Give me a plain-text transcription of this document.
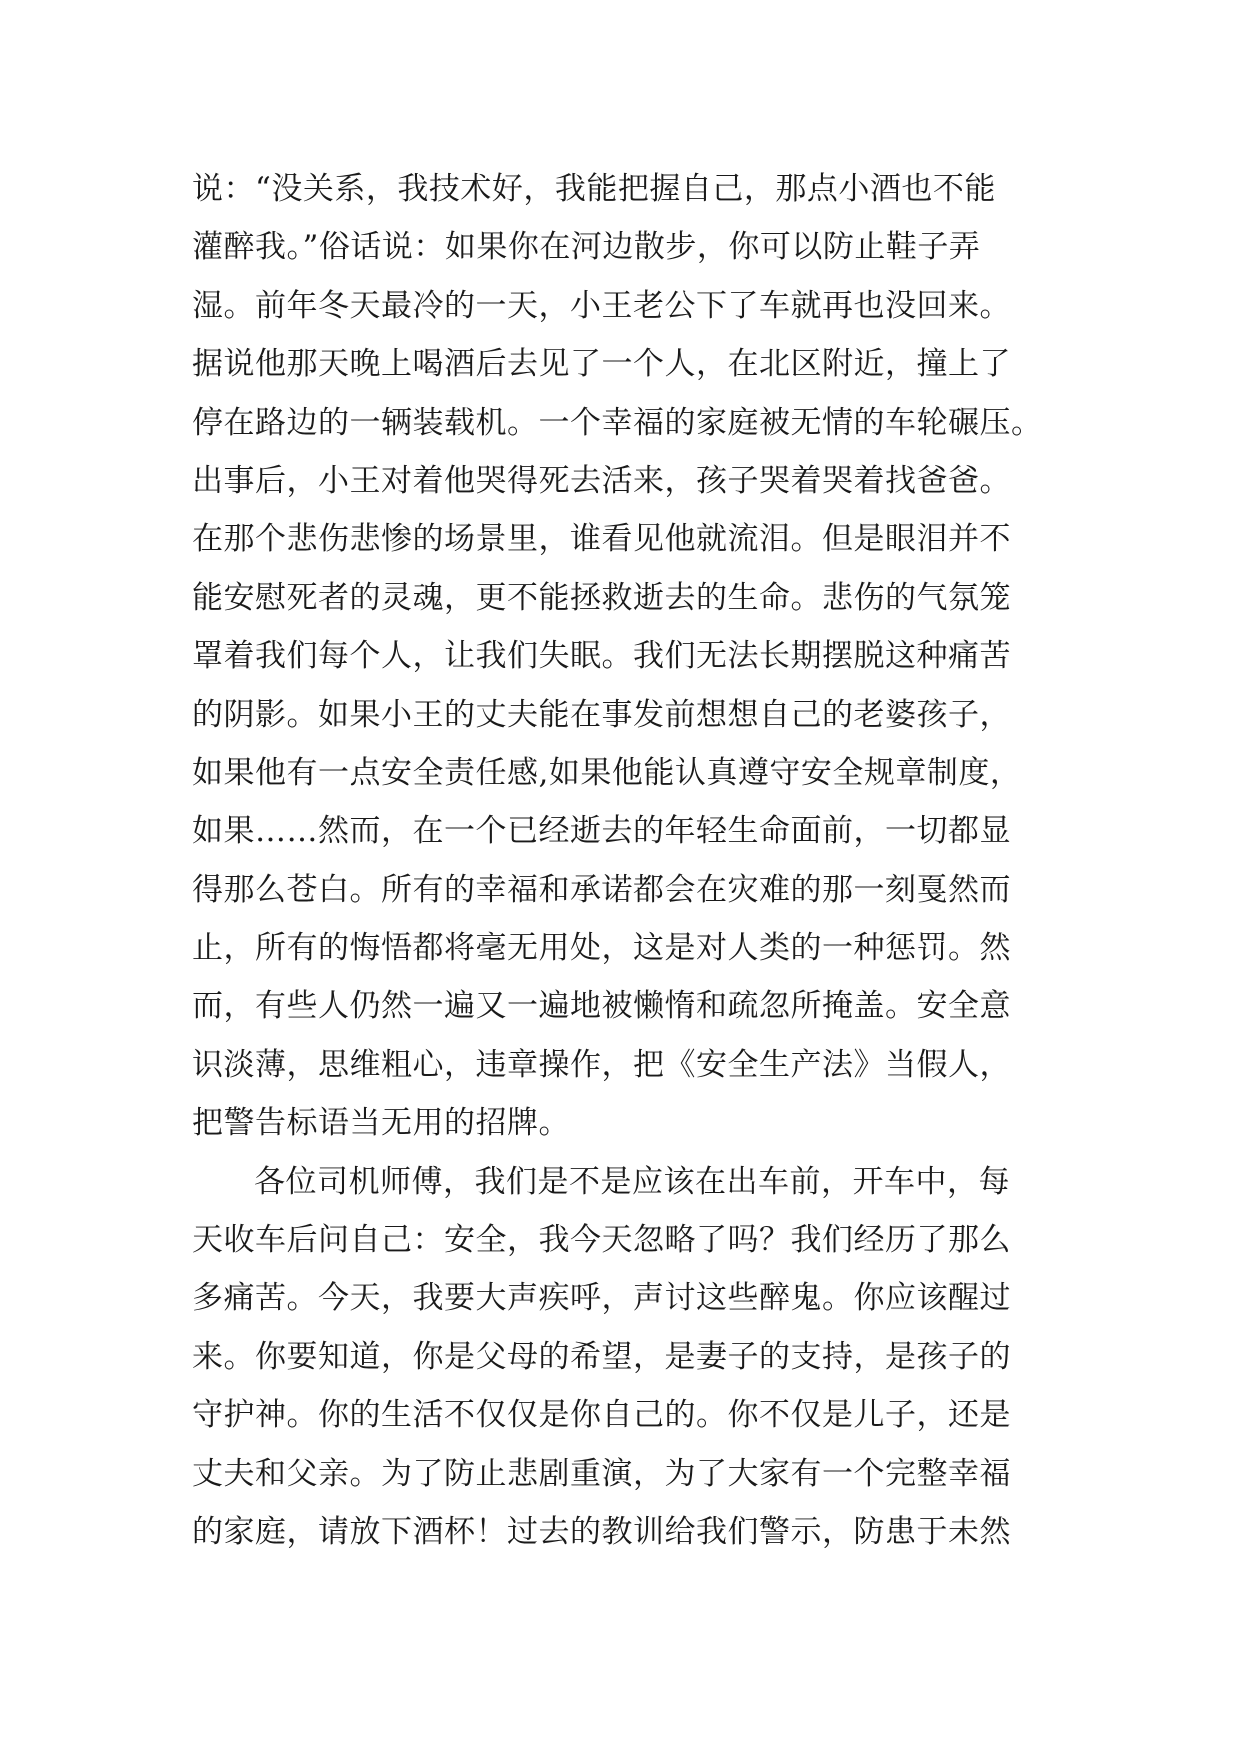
说：“没关系，我技术好，我能把握自己，那点小酒也不能
灌醉我。”俗话说：如果你在河边散步，你可以防止鞋子弄
湿。前年冬天最冷的一天，小王老公下了车就再也没回来。
据说他那天晚上喝酒后去见了一个人，在北区附近，撞上了
停在路边的一辆装载机。一个幸福的家庭被无情的车轮碾压。
出事后，小王对着他哭得死去活来，孩子哭着哭着找爸爸。
在那个悲伤悲惨的场景里，谁看见他就流泪。但是眼泪并不
能安慰死者的灵魂，更不能拯救逝去的生命。悲伤的气氛笼
罩着我们每个人，让我们失眠。我们无法长期摆脱这种痛苦
的阴影。如果小王的丈夫能在事发前想想自己的老婆孩子，
如果他有一点安全责任感,如果他能认真遵守安全规章制度，
如果……然而，在一个已经逝去的年轻生命面前，一切都显
得那么苍白。所有的幸福和承诺都会在灾难的那一刻戛然而
止，所有的悔悟都将毫无用处，这是对人类的一种惩罚。然
而，有些人仍然一遍又一遍地被懒惰和疏忽所掩盖。安全意
识淡薄，思维粗心，违章操作，把《安全生产法》当假人，
把警告标语当无用的招牌。
各位司机师傅，我们是不是应该在出车前，开车中，每
天收车后问自己：安全，我今天忽略了吗？我们经历了那么
多痛苦。今天，我要大声疾呼，声讨这些醉鬼。你应该醒过
来。你要知道，你是父母的希望，是妻子的支持，是孩子的
守护神。你的生活不仅仅是你自己的。你不仅是儿子，还是
丈夫和父亲。为了防止悲剧重演，为了大家有一个完整幸福
的家庭，请放下酒杯！过去的教训给我们警示，防患于未然
